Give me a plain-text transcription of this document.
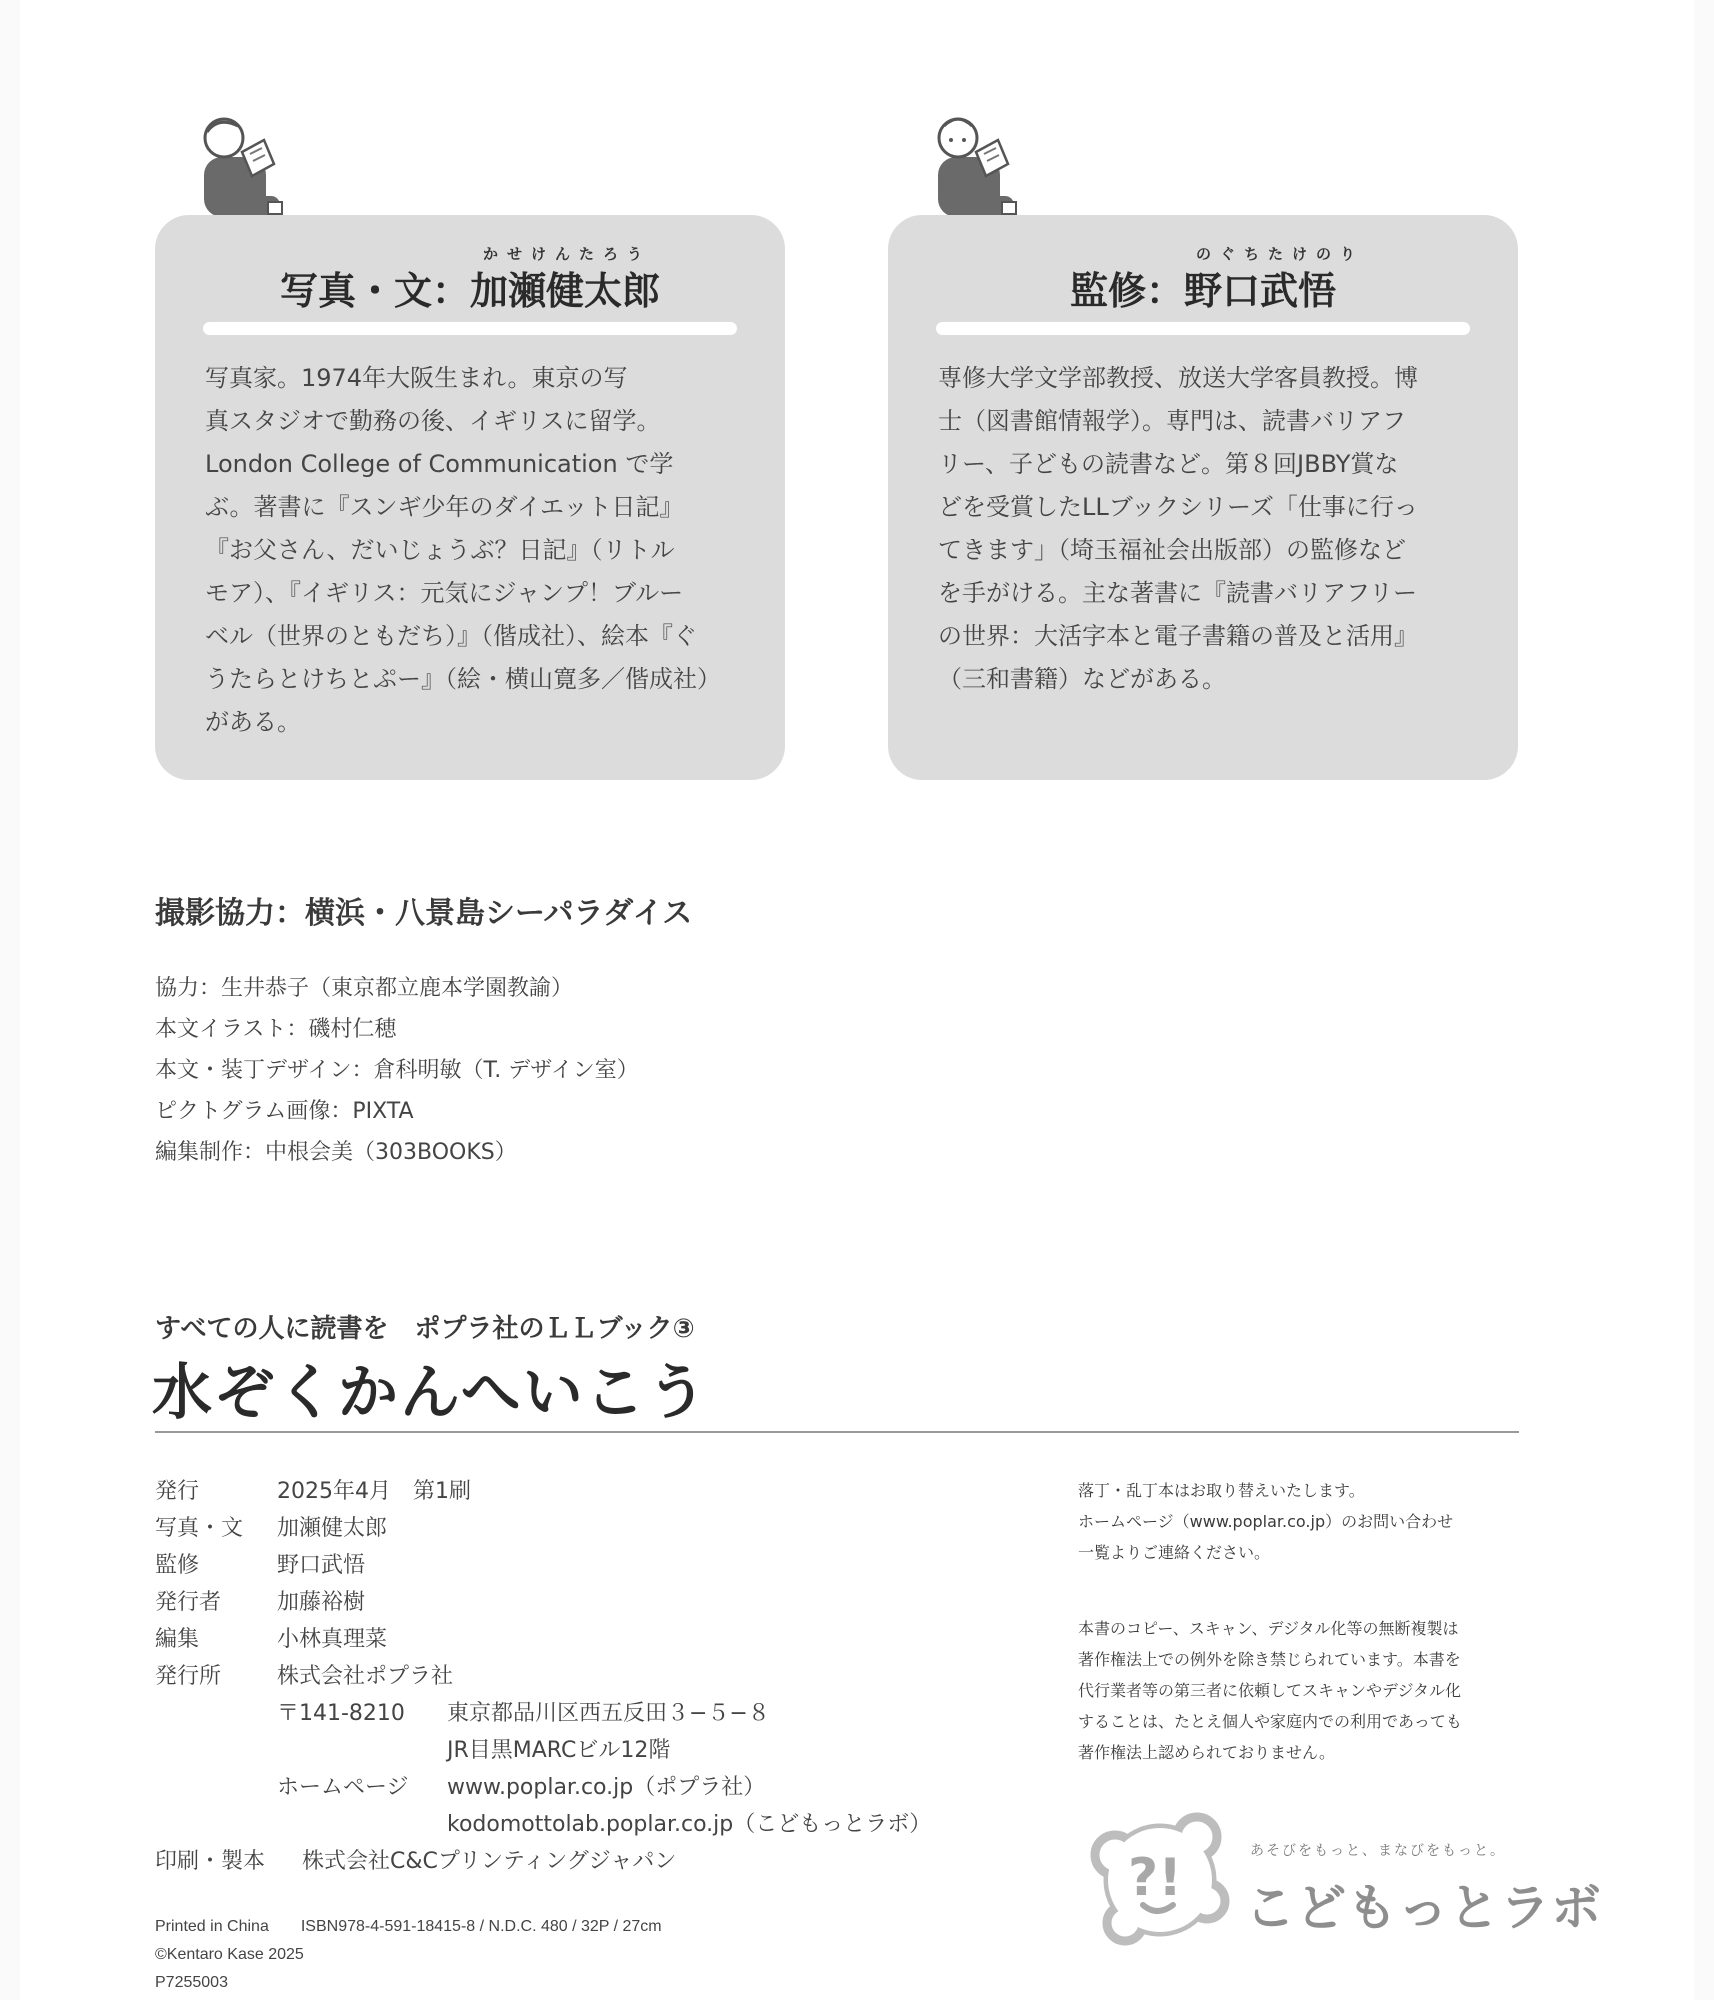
かせけんたろう
写真・文：加瀬健太郎
写真家。1974年大阪生まれ。東京の写
真スタジオで勤務の後、イギリスに留学。
London College of Communication で学
ぶ。著書に『スンギ少年のダイエット日記』
『お父さん、だいじょうぶ？日記』（リトル
モア）、『イギリス：元気にジャンプ！ブルー
ベル（世界のともだち）』（偕成社）、絵本『ぐ
うたらとけちとぷー』（絵・横山寛多／偕成社）
がある。
のぐちたけのり
監修：野口武悟
専修大学文学部教授、放送大学客員教授。博
士（図書館情報学）。専門は、読書バリアフ
リー、子どもの読書など。第８回JBBY賞な
どを受賞したLLブックシリーズ「仕事に行っ
てきます」（埼玉福祉会出版部）の監修など
を手がける。主な著書に『読書バリアフリー
の世界：大活字本と電子書籍の普及と活用』
（三和書籍）などがある。
撮影協力：横浜・八景島シーパラダイス
協力：生井恭子（東京都立鹿本学園教諭）
本文イラスト：磯村仁穂
本文・装丁デザイン：倉科明敏（T. デザイン室）
ピクトグラム画像：PIXTA
編集制作：中根会美（303BOOKS）
すべての人に読書を　ポプラ社のＬＬブック③
水ぞくかんへいこう
発行	2025年4月　第1刷
写真・文 加瀬健太郎
監修	野口武悟
発行者	加藤裕樹
編集	小林真理菜
発行所	株式会社ポプラ社
〒141-8210 東京都品川区西五反田３−５−８
JR目黒MARCビル12階
ホームページ www.poplar.co.jp（ポプラ社）
kodomottolab.poplar.co.jp（こどもっとラボ）
印刷・製本 株式会社C&Cプリンティングジャパン
落丁・乱丁本はお取り替えいたします。
ホームページ（www.poplar.co.jp）のお問い合わせ
一覧よりご連絡ください。
本書のコピー、スキャン、デジタル化等の無断複製は
著作権法上での例外を除き禁じられています。本書を
代行業者等の第三者に依頼してスキャンやデジタル化
することは、たとえ個人や家庭内での利用であっても
著作権法上認められておりません。
?!	あそびをもっと、まなびをもっと。
こどもっとラボ
Printed in China　　ISBN978-4-591-18415-8 / N.D.C. 480 / 32P / 27cm
©Kentaro Kase 2025
P7255003
